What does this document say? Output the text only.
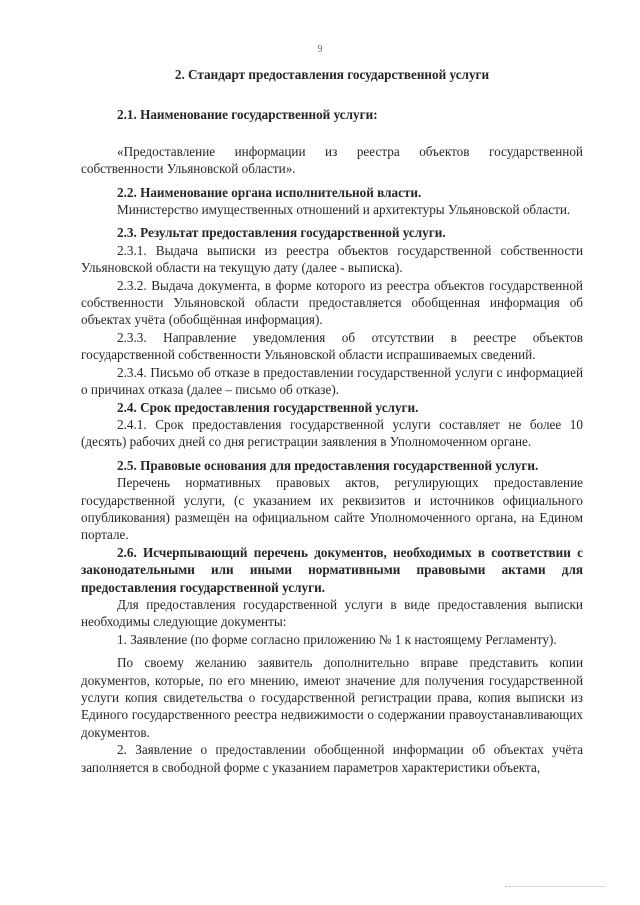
9

2. Стандарт предоставления государственной услуги

2.1. Наименование государственной услуги:

«Предоставление информации из реестра объектов государственной собственности Ульяновской области».

2.2. Наименование органа исполнительной власти.

Министерство имущественных отношений и архитектуры Ульяновской области.

2.3. Результат предоставления государственной услуги.

2.3.1. Выдача выписки из реестра объектов государственной собственности Ульяновской области на текущую дату (далее - выписка).

2.3.2. Выдача документа, в форме которого из реестра объектов государственной собственности Ульяновской области предоставляется обобщенная информация об объектах учёта (обобщённая информация).

2.3.3. Направление уведомления об отсутствии в реестре объектов государственной собственности Ульяновской области испрашиваемых сведений.

2.3.4. Письмо об отказе в предоставлении государственной услуги с информацией о причинах отказа (далее – письмо об отказе).

2.4. Срок предоставления государственной услуги.

2.4.1. Срок предоставления государственной услуги составляет не более 10 (десять) рабочих дней со дня регистрации заявления в Уполномоченном органе.

2.5. Правовые основания для предоставления государственной услуги.

Перечень нормативных правовых актов, регулирующих предоставление государственной услуги, (с указанием их реквизитов и источников официального опубликования) размещён на официальном сайте Уполномоченного органа, на Едином портале.

2.6. Исчерпывающий перечень документов, необходимых в соответствии с законодательными или иными нормативными правовыми актами для предоставления государственной услуги.

Для предоставления государственной услуги в виде предоставления выписки необходимы следующие документы:

1. Заявление (по форме согласно приложению № 1 к настоящему Регламенту).

По своему желанию заявитель дополнительно вправе представить копии документов, которые, по его мнению, имеют значение для получения государственной услуги копия свидетельства о государственной регистрации права, копия выписки из Единого государственного реестра недвижимости о содержании правоустанавливающих документов.

2. Заявление о предоставлении обобщенной информации об объектах учёта заполняется в свободной форме с указанием параметров характеристики объекта,
